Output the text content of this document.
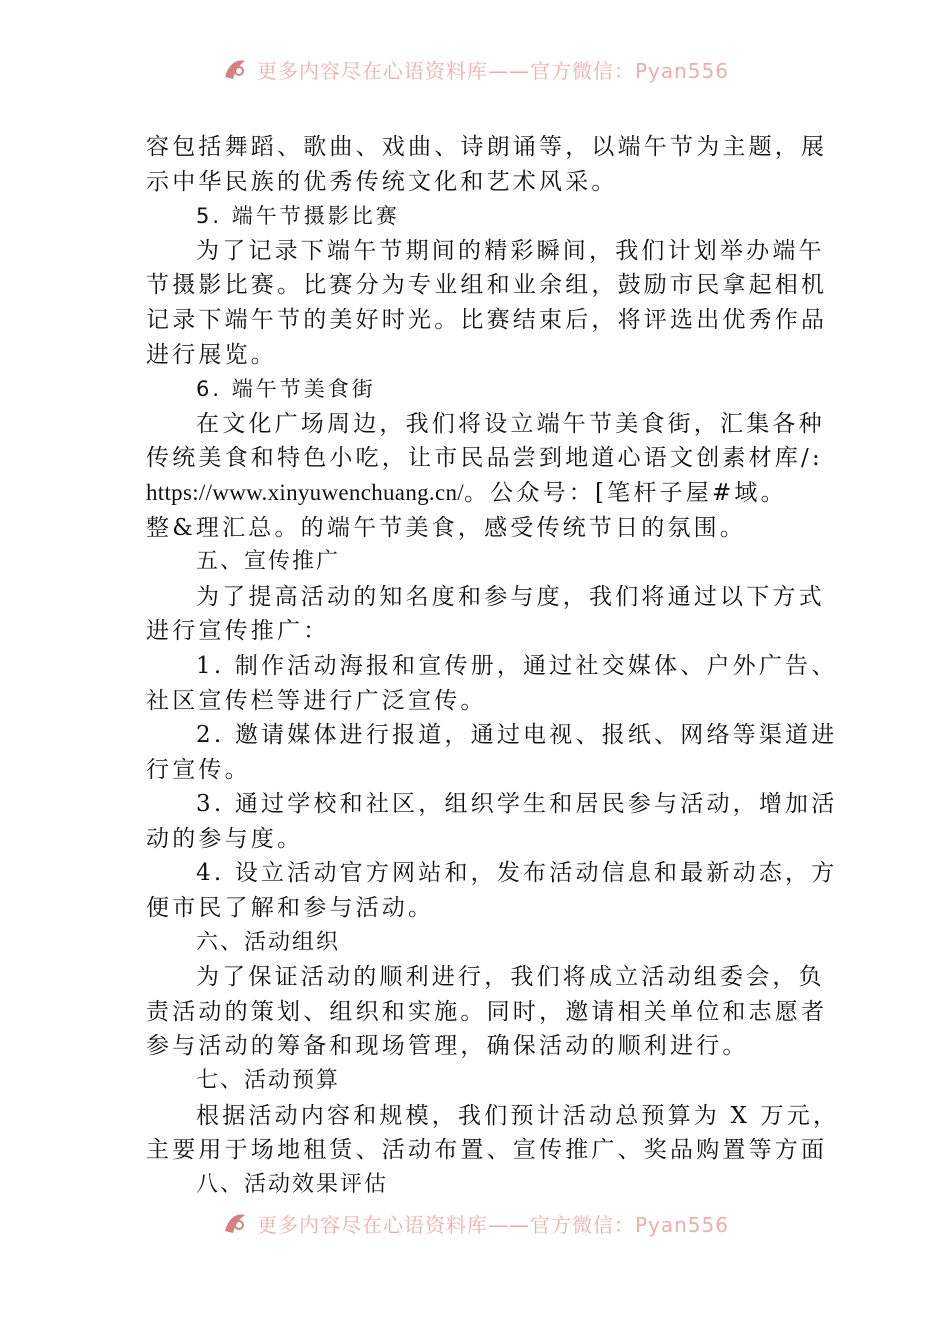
更多内容尽在心语资料库——官方微信：Pyan556
容包括舞蹈、歌曲、戏曲、诗朗诵等，以端午节为主题，展
示中华民族的优秀传统文化和艺术风采。
5. 端午节摄影比赛
为了记录下端午节期间的精彩瞬间，我们计划举办端午
节摄影比赛。比赛分为专业组和业余组，鼓励市民拿起相机
记录下端午节的美好时光。比赛结束后，将评选出优秀作品
进行展览。
6. 端午节美食街
在文化广场周边，我们将设立端午节美食街，汇集各种
传统美食和特色小吃，让市民品尝到地道心语文创素材库/:
https://www.xinyuwenchuang.cn/。公众号：[笔杆子屋#域。
整&理汇总。的端午节美食，感受传统节日的氛围。
五、宣传推广
为了提高活动的知名度和参与度，我们将通过以下方式
进行宣传推广：
1. 制作活动海报和宣传册，通过社交媒体、户外广告、
社区宣传栏等进行广泛宣传。
2. 邀请媒体进行报道，通过电视、报纸、网络等渠道进
行宣传。
3. 通过学校和社区，组织学生和居民参与活动，增加活
动的参与度。
4. 设立活动官方网站和，发布活动信息和最新动态，方
便市民了解和参与活动。
六、活动组织
为了保证活动的顺利进行，我们将成立活动组委会，负
责活动的策划、组织和实施。同时，邀请相关单位和志愿者
参与活动的筹备和现场管理，确保活动的顺利进行。
七、活动预算
根据活动内容和规模，我们预计活动总预算为 X 万元，
主要用于场地租赁、活动布置、宣传推广、奖品购置等方面
八、活动效果评估
更多内容尽在心语资料库——官方微信：Pyan556
